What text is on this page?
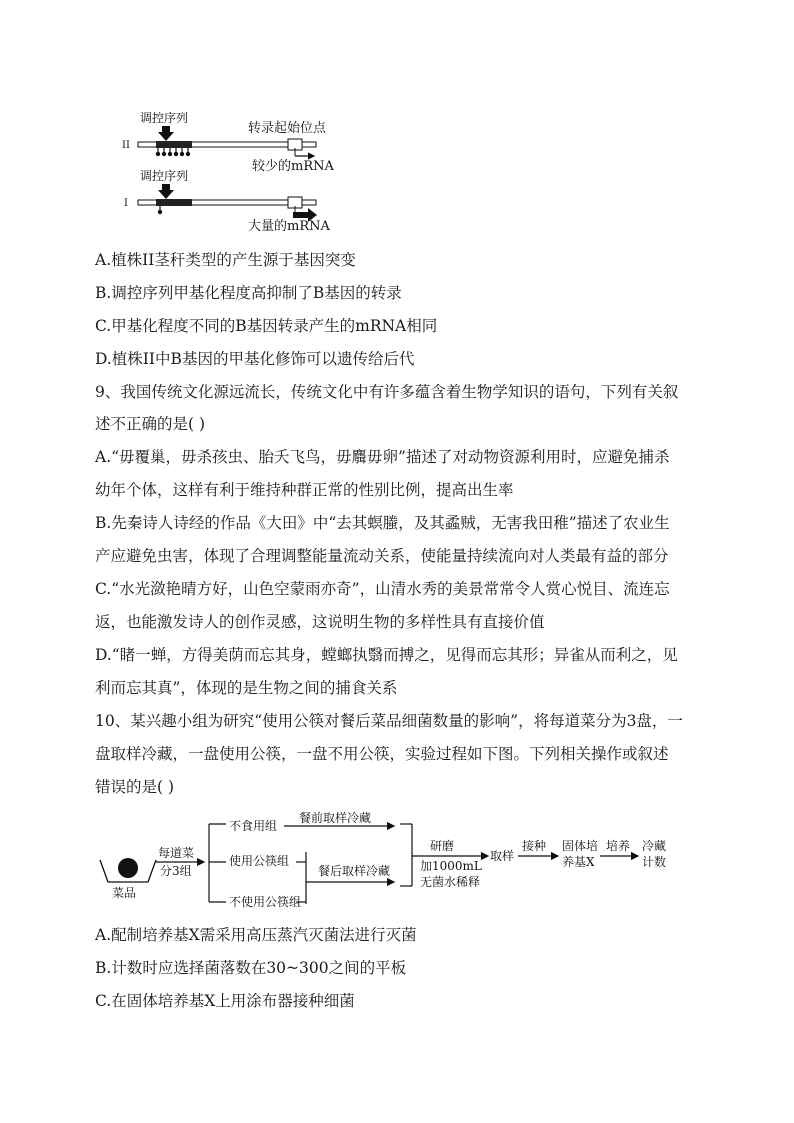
II
调控序列
转录起始位点
较少的mRNA
I
调控序列
大量的mRNA
A.植株II茎秆类型的产生源于基因突变
B.调控序列甲基化程度高抑制了B基因的转录
C.甲基化程度不同的B基因转录产生的mRNA相同
D.植株II中B基因的甲基化修饰可以遗传给后代
9、我国传统文化源远流长，传统文化中有许多蕴含着生物学知识的语句，下列有关叙
述不正确的是( )
A.“毋覆巢，毋杀孩虫、胎夭飞鸟，毋麛毋卵”描述了对动物资源利用时，应避免捕杀
幼年个体，这样有利于维持种群正常的性别比例，提高出生率
B.先秦诗人诗经的作品《大田》中“去其螟螣，及其蟊贼，无害我田稚”描述了农业生
产应避免虫害，体现了合理调整能量流动关系，使能量持续流向对人类最有益的部分
C.“水光潋艳晴方好，山色空蒙雨亦奇”，山清水秀的美景常常令人赏心悦目、流连忘
返，也能激发诗人的创作灵感，这说明生物的多样性具有直接价值
D.“睹一蝉，方得美荫而忘其身，螳螂执翳而搏之，见得而忘其形；异雀从而利之，见
利而忘其真”，体现的是生物之间的捕食关系
10、某兴趣小组为研究“使用公筷对餐后菜品细菌数量的影响”，将每道菜分为3盘，一
盘取样冷藏，一盘使用公筷，一盘不用公筷，实验过程如下图。下列相关操作或叙述
错误的是( )
菜品
每道菜
分3组
不食用组
使用公筷组
不使用公筷组
餐前取样冷藏
餐后取样冷藏
研磨
加1000mL
无菌水稀释
取样
接种 固体培
养基X
培养 冷藏
计数
A.配制培养基X需采用高压蒸汽灭菌法进行灭菌
B.计数时应选择菌落数在30~300之间的平板
C.在固体培养基X上用涂布器接种细菌
